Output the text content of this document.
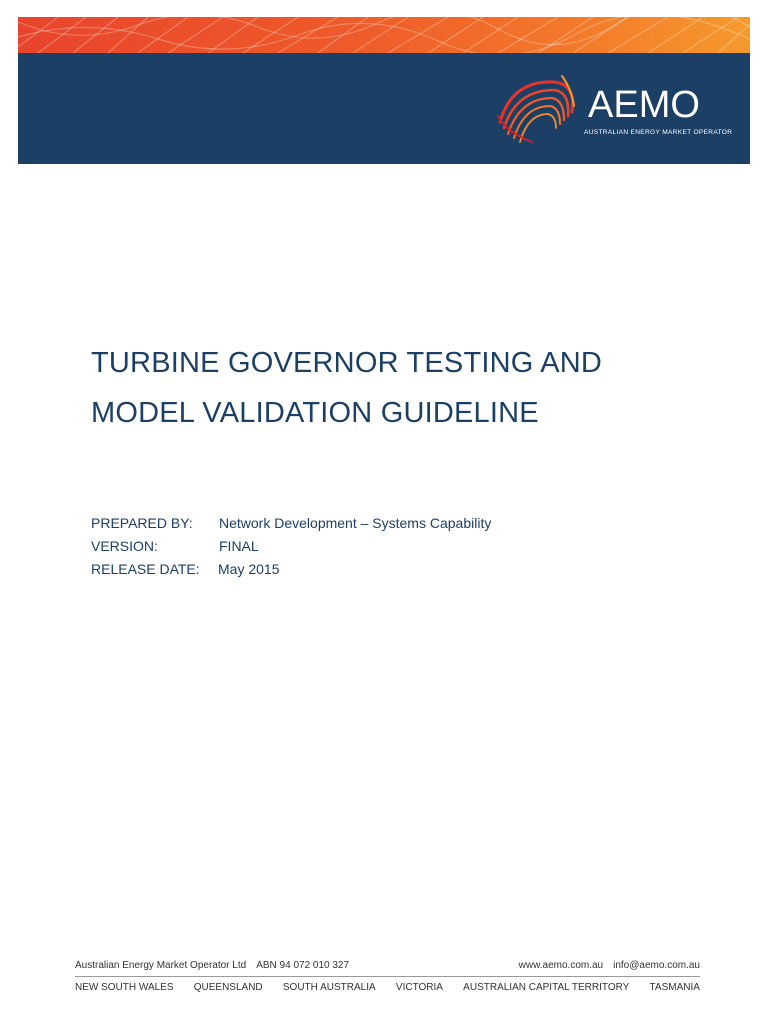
AEMO
AUSTRALIAN ENERGY MARKET OPERATOR
TURBINE GOVERNOR TESTING AND
MODEL VALIDATION GUIDELINE
PREPARED BY: Network Development – Systems Capability
VERSION:	FINAL
RELEASE DATE: May 2015
Australian Energy Market Operator Ltd ABN 94 072 010 327	www.aemo.com.au info@aemo.com.au
NEW SOUTH WALES QUEENSLAND SOUTH AUSTRALIA VICTORIA AUSTRALIAN CAPITAL TERRITORY TASMANIA
